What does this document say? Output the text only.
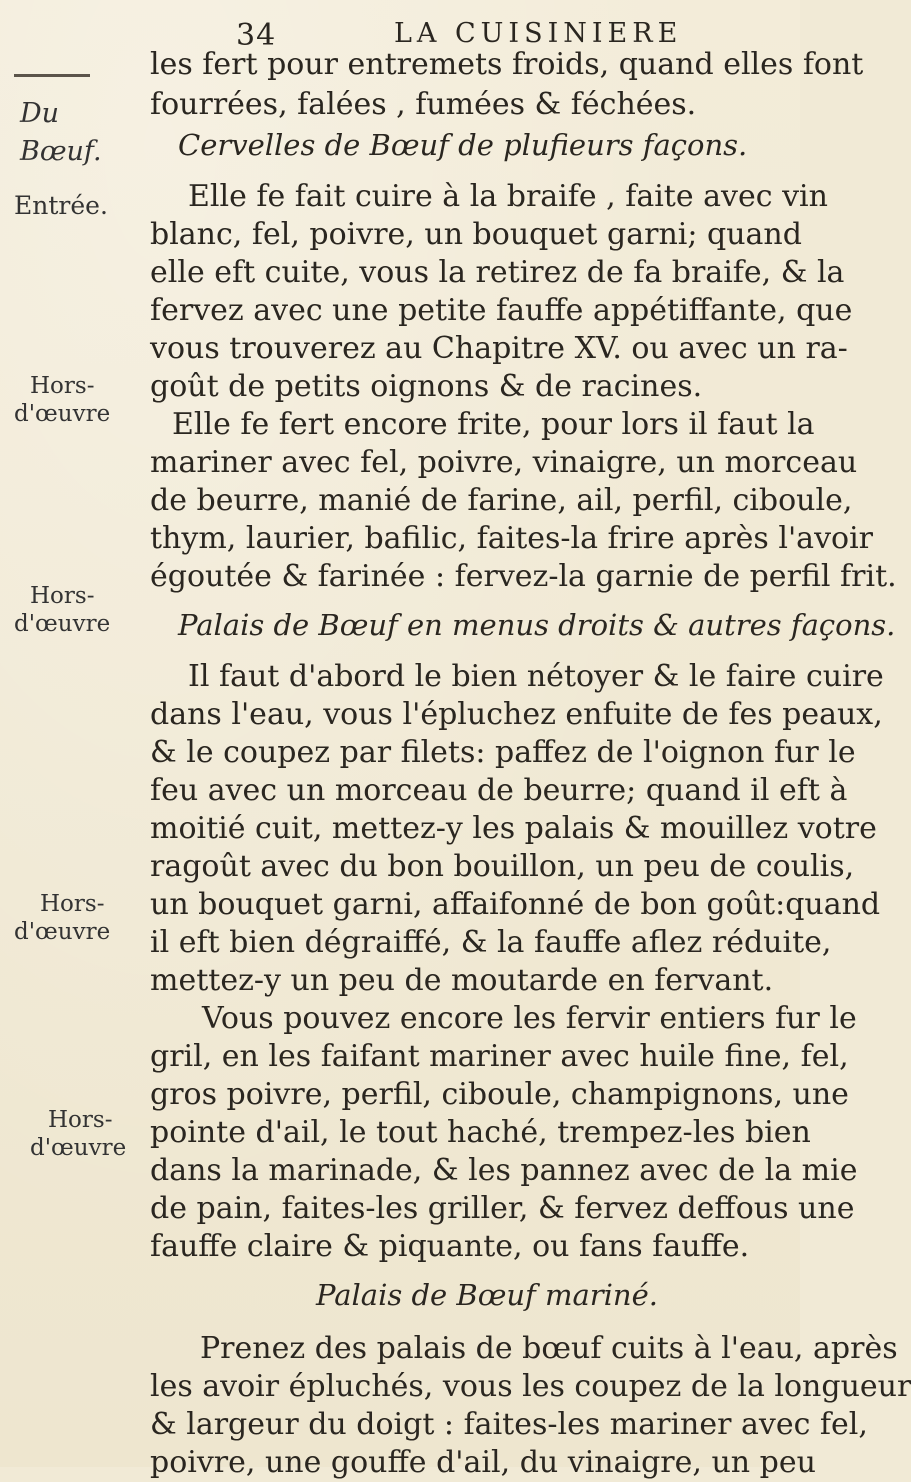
34	LA CUISINIERE
Du
Bœuf.
Entrée.
Hors-
d'œuvre
Hors-
d'œuvre
Hors-
d'œuvre
Hors-
d'œuvre
les fert pour entremets froids, quand elles font
fourrées, falées , fumées & féchées.
Cervelles de Bœuf de plufieurs façons.
Elle fe fait cuire à la braife , faite avec vin
blanc, fel, poivre, un bouquet garni; quand
elle eft cuite, vous la retirez de fa braife, & la
fervez avec une petite fauffe appétiffante, que
vous trouverez au Chapitre XV. ou avec un ra-
goût de petits oignons & de racines.
Elle fe fert encore frite, pour lors il faut la
mariner avec fel, poivre, vinaigre, un morceau
de beurre, manié de farine, ail, perfil, ciboule,
thym, laurier, bafilic, faites-la frire après l'avoir
égoutée & farinée : fervez-la garnie de perfil frit.
Palais de Bœuf en menus droits & autres façons.
Il faut d'abord le bien nétoyer & le faire cuire
dans l'eau, vous l'épluchez enfuite de fes peaux,
& le coupez par filets: paffez de l'oignon fur le
feu avec un morceau de beurre; quand il eft à
moitié cuit, mettez-y les palais & mouillez votre
ragoût avec du bon bouillon, un peu de coulis,
un bouquet garni, affaifonné de bon goût:quand
il eft bien dégraiffé, & la fauffe aflez réduite,
mettez-y un peu de moutarde en fervant.
Vous pouvez encore les fervir entiers fur le
gril, en les faifant mariner avec huile fine, fel,
gros poivre, perfil, ciboule, champignons, une
pointe d'ail, le tout haché, trempez-les bien
dans la marinade, & les pannez avec de la mie
de pain, faites-les griller, & fervez deffous une
fauffe claire & piquante, ou fans fauffe.
Palais de Bœuf mariné.
Prenez des palais de bœuf cuits à l'eau, après
les avoir épluchés, vous les coupez de la longueur
& largeur du doigt : faites-les mariner avec fel,
poivre, une gouffe d'ail, du vinaigre, un peu
